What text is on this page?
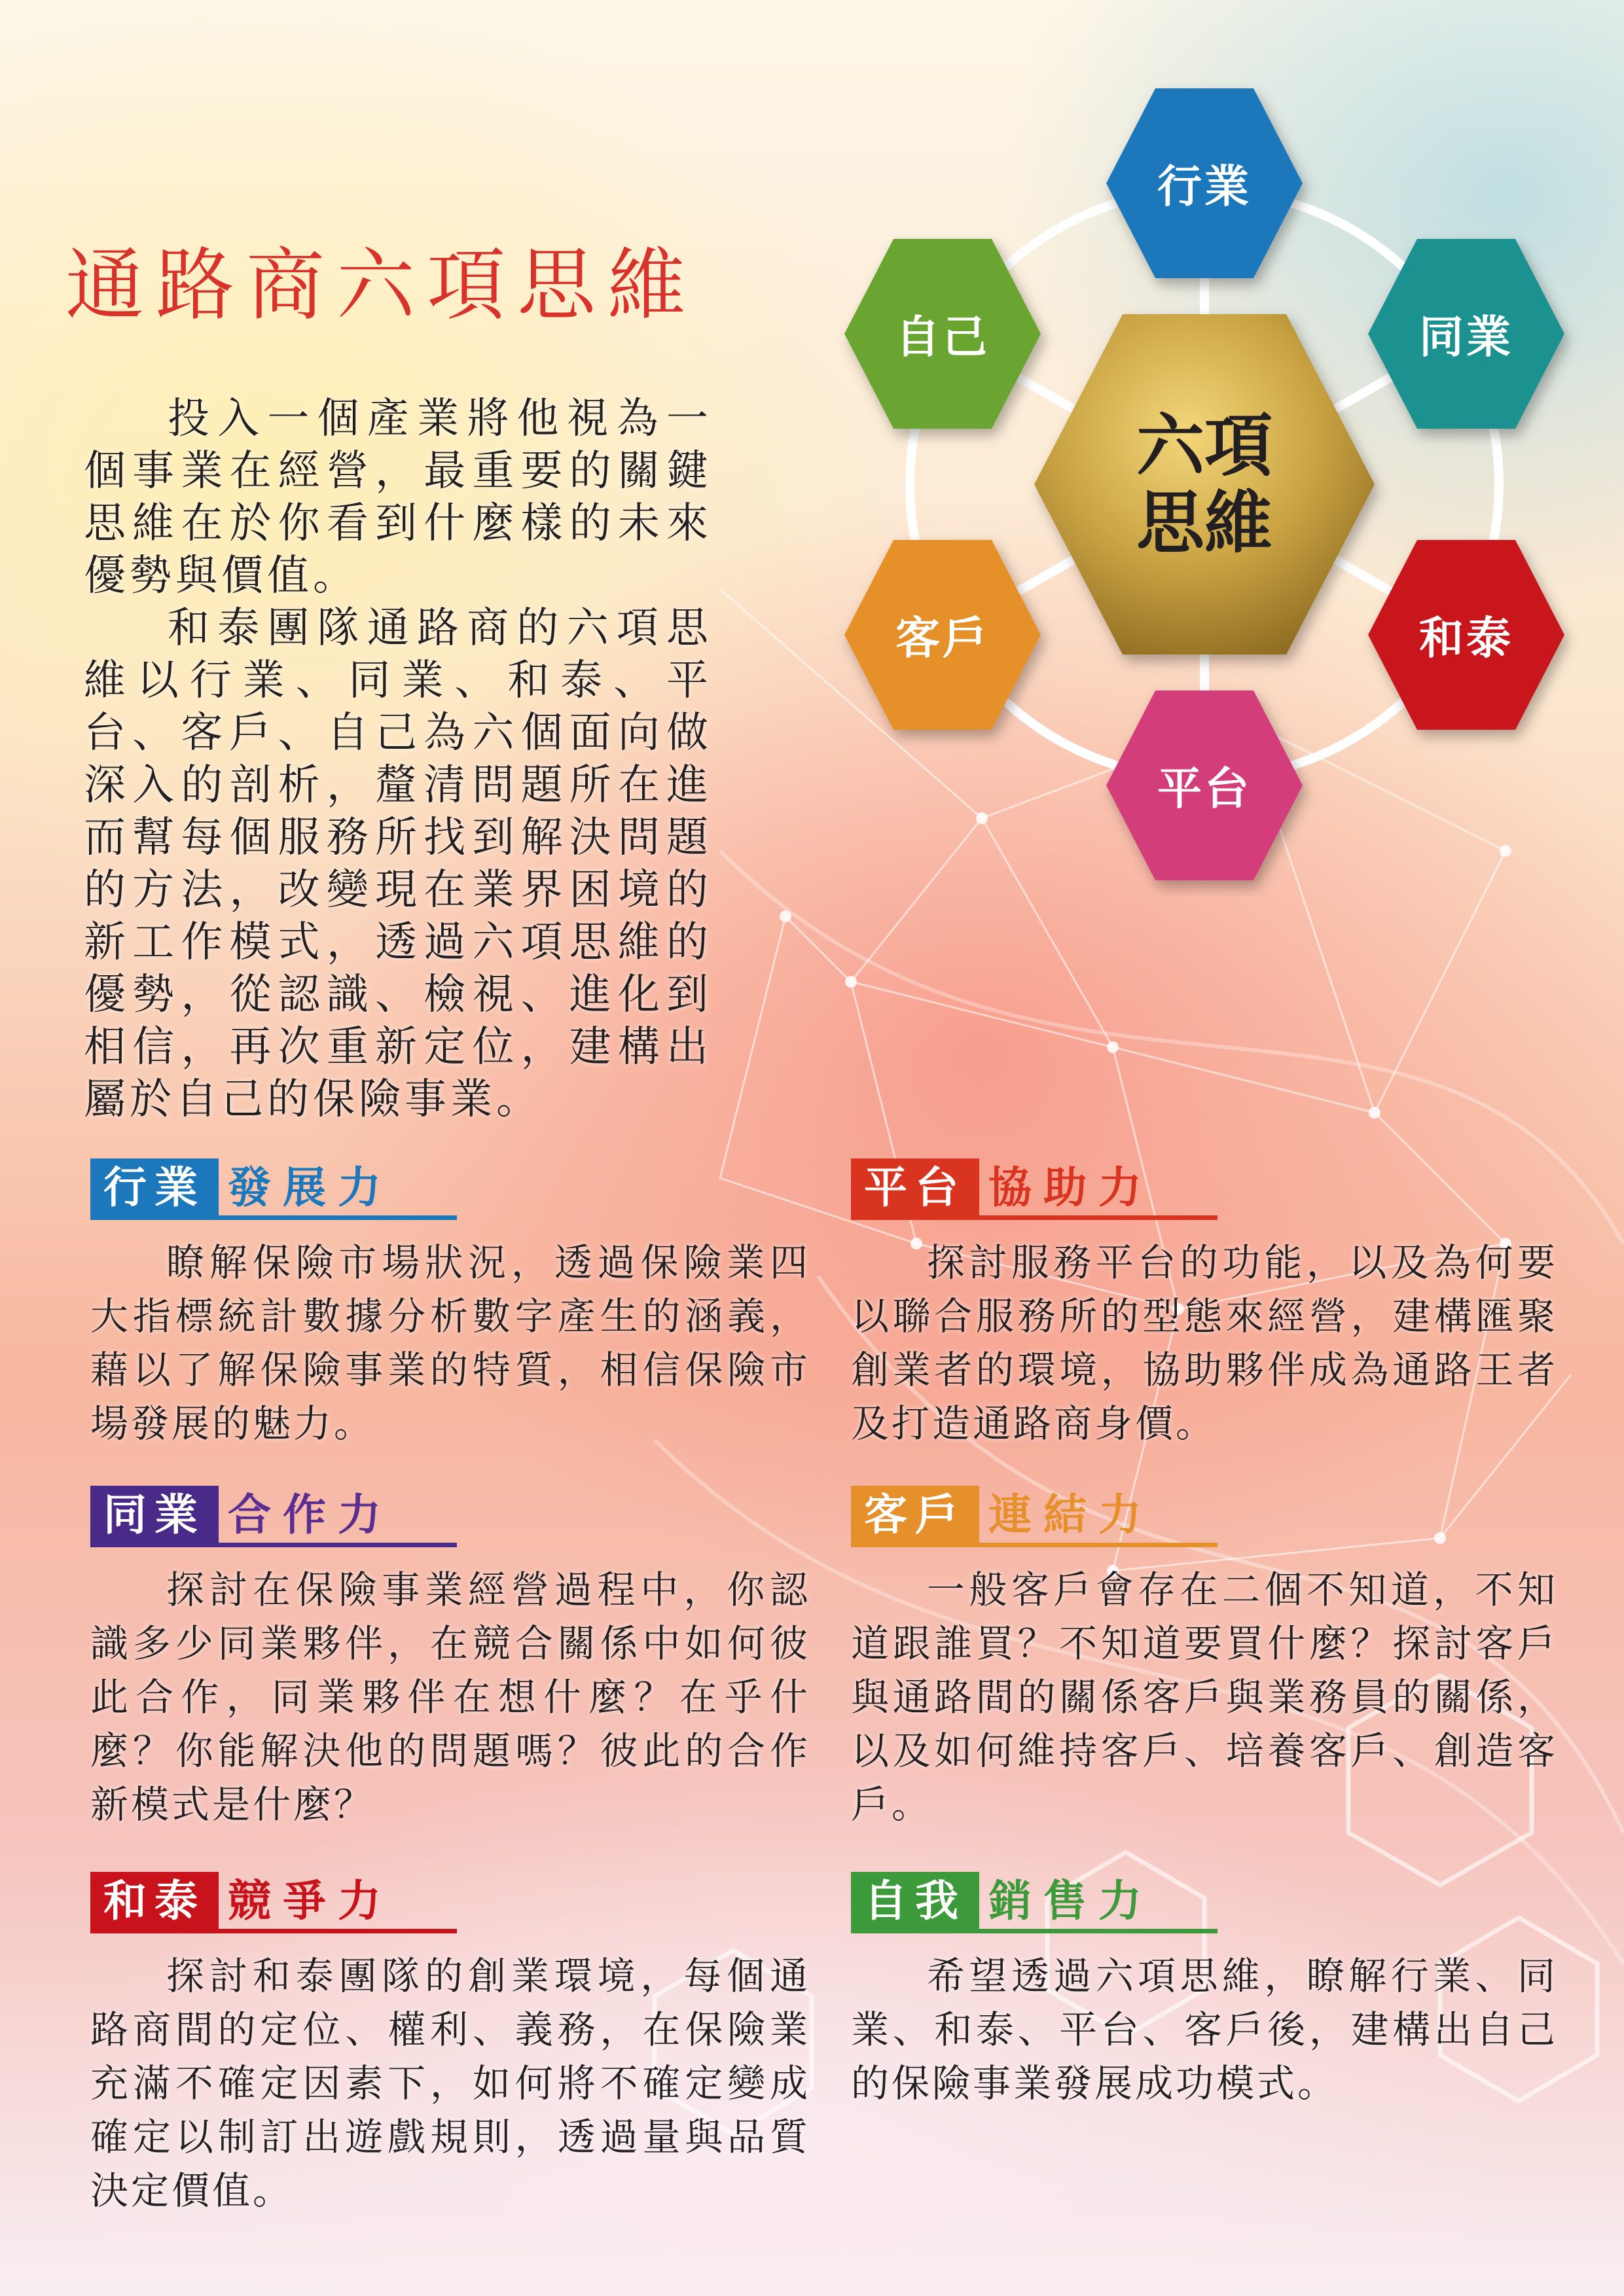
通路商六項思維

投入一個產業將他視為一個事業在經營，最重要的關鍵思維在於你看到什麼樣的未來優勢與價值。

和泰團隊通路商的六項思維以行業、同業、和泰、平台、客戶、自己為六個面向做深入的剖析，釐清問題所在進而幫每個服務所找到解決問題的方法，改變現在業界困境的新工作模式，透過六項思維的優勢，從認識、檢視、進化到相信，再次重新定位，建構出屬於自己的保險事業。

行業
同業
和泰
平台
客戶
自己
六項
思維
行業 發展力

瞭解保險市場狀況，透過保險業四大指標統計數據分析數字產生的涵義，藉以了解保險事業的特質，相信保險市場發展的魅力。

平台 協助力

探討服務平台的功能，以及為何要以聯合服務所的型態來經營，建構匯聚創業者的環境，協助夥伴成為通路王者及打造通路商身價。

同業 合作力

探討在保險事業經營過程中，你認識多少同業夥伴，在競合關係中如何彼此合作，同業夥伴在想什麼？在乎什麼？你能解決他的問題嗎？彼此的合作新模式是什麼？

客戶 連結力

一般客戶會存在二個不知道，不知道跟誰買？不知道要買什麼？探討客戶與通路間的關係客戶與業務員的關係，以及如何維持客戶、培養客戶、創造客戶。

和泰 競爭力

探討和泰團隊的創業環境，每個通路商間的定位、權利、義務，在保險業充滿不確定因素下，如何將不確定變成確定以制訂出遊戲規則，透過量與品質決定價值。

自我 銷售力

希望透過六項思維，瞭解行業、同業、和泰、平台、客戶後，建構出自己的保險事業發展成功模式。
